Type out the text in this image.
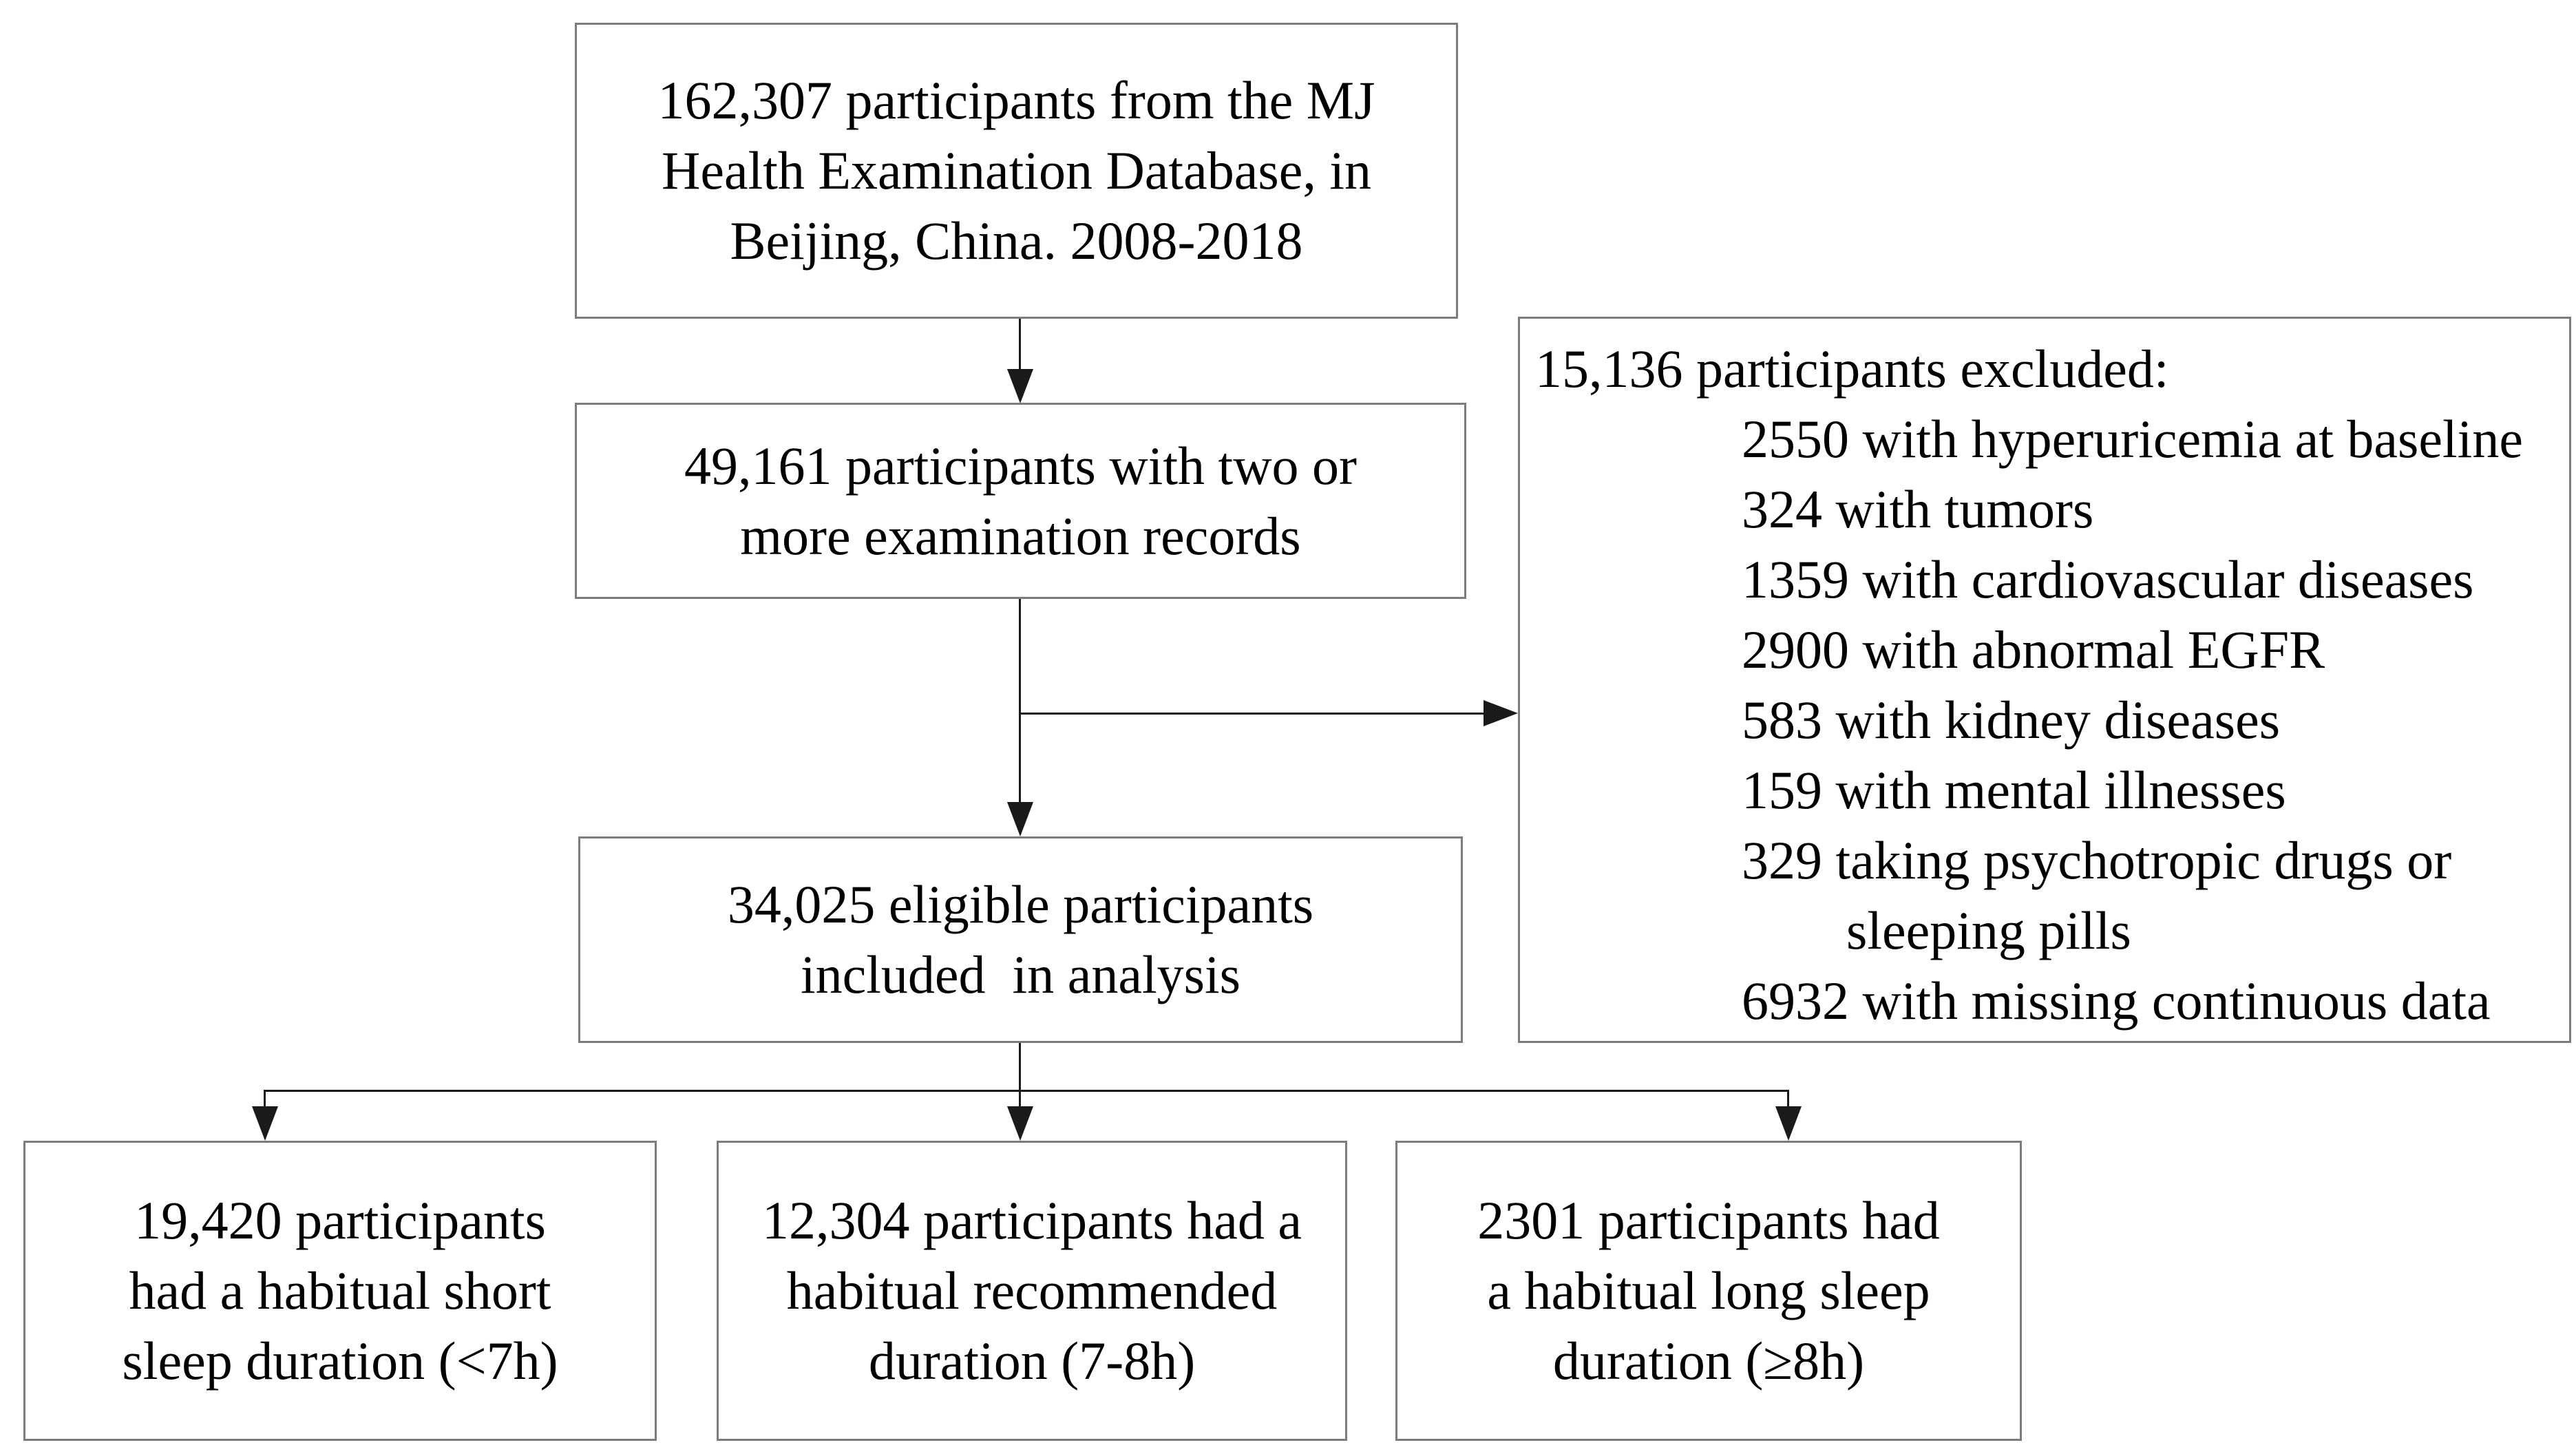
162,307 participants from the MJ
Health Examination Database, in
Beijing, China. 2008-2018
49,161 participants with two or
more examination records
15,136 participants excluded:
2550 with hyperuricemia at baseline
324 with tumors
1359 with cardiovascular diseases
2900 with abnormal EGFR
583 with kidney diseases
159 with mental illnesses
329 taking psychotropic drugs or
sleeping pills
6932 with missing continuous data
34,025 eligible participants
included  in analysis
19,420 participants
had a habitual short
sleep duration (<7h)
12,304 participants had a
habitual recommended
duration (7-8h)
2301 participants had
a habitual long sleep
duration (≥8h)
